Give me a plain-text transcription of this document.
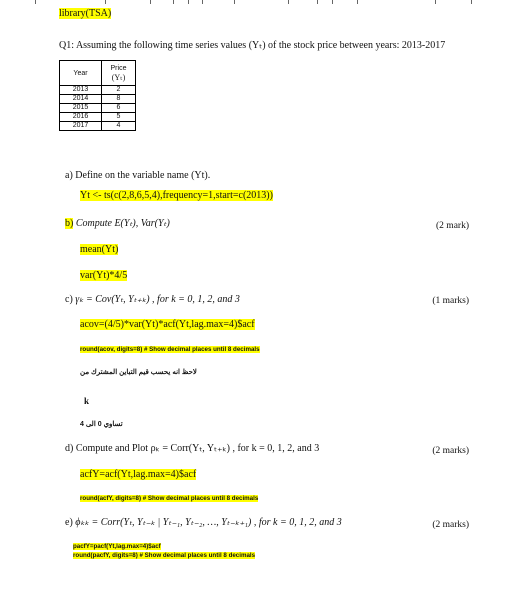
library(TSA)
Q1: Assuming the following time series values (Yₜ) of the stock price between years: 2013-2017
Year	Price
(Yₜ)

2013	2
2014	8
2015	6
2016	5
2017	4
a) Define on the variable name (Yt).
Yt <- ts(c(2,8,6,5,4),frequency=1,start=c(2013))
b) Compute E(Yₜ), Var(Yₜ)	(2 mark)
mean(Yt)
var(Yt)*4/5
c) γₖ = Cov(Yₜ, Yₜ₊ₖ) , for k = 0, 1, 2, and 3	(1 marks)
acov=(4/5)*var(Yt)*acf(Yt,lag.max=4)$acf
round(acov, digits=8) # Show decimal places until 8 decimals
لاحظ انه يحسب قيم التباين المشترك من
k
تساوي 0 الى 4
d) Compute and Plot ρₖ = Corr(Yₜ, Yₜ₊ₖ) , for k = 0, 1, 2, and 3	(2 marks)
acfY=acf(Yt,lag.max=4)$acf
round(acfY, digits=8) # Show decimal places until 8 decimals
e) ϕₖₖ = Corr(Yₜ, Yₜ₋ₖ | Yₜ₋₁, Yₜ₋₂, …, Yₜ₋ₖ₊₁) , for k = 0, 1, 2, and 3	(2 marks)
pacfY=pacf(Yt,lag.max=4)$acf
round(pacfY, digits=8) # Show decimal places until 8 decimals
